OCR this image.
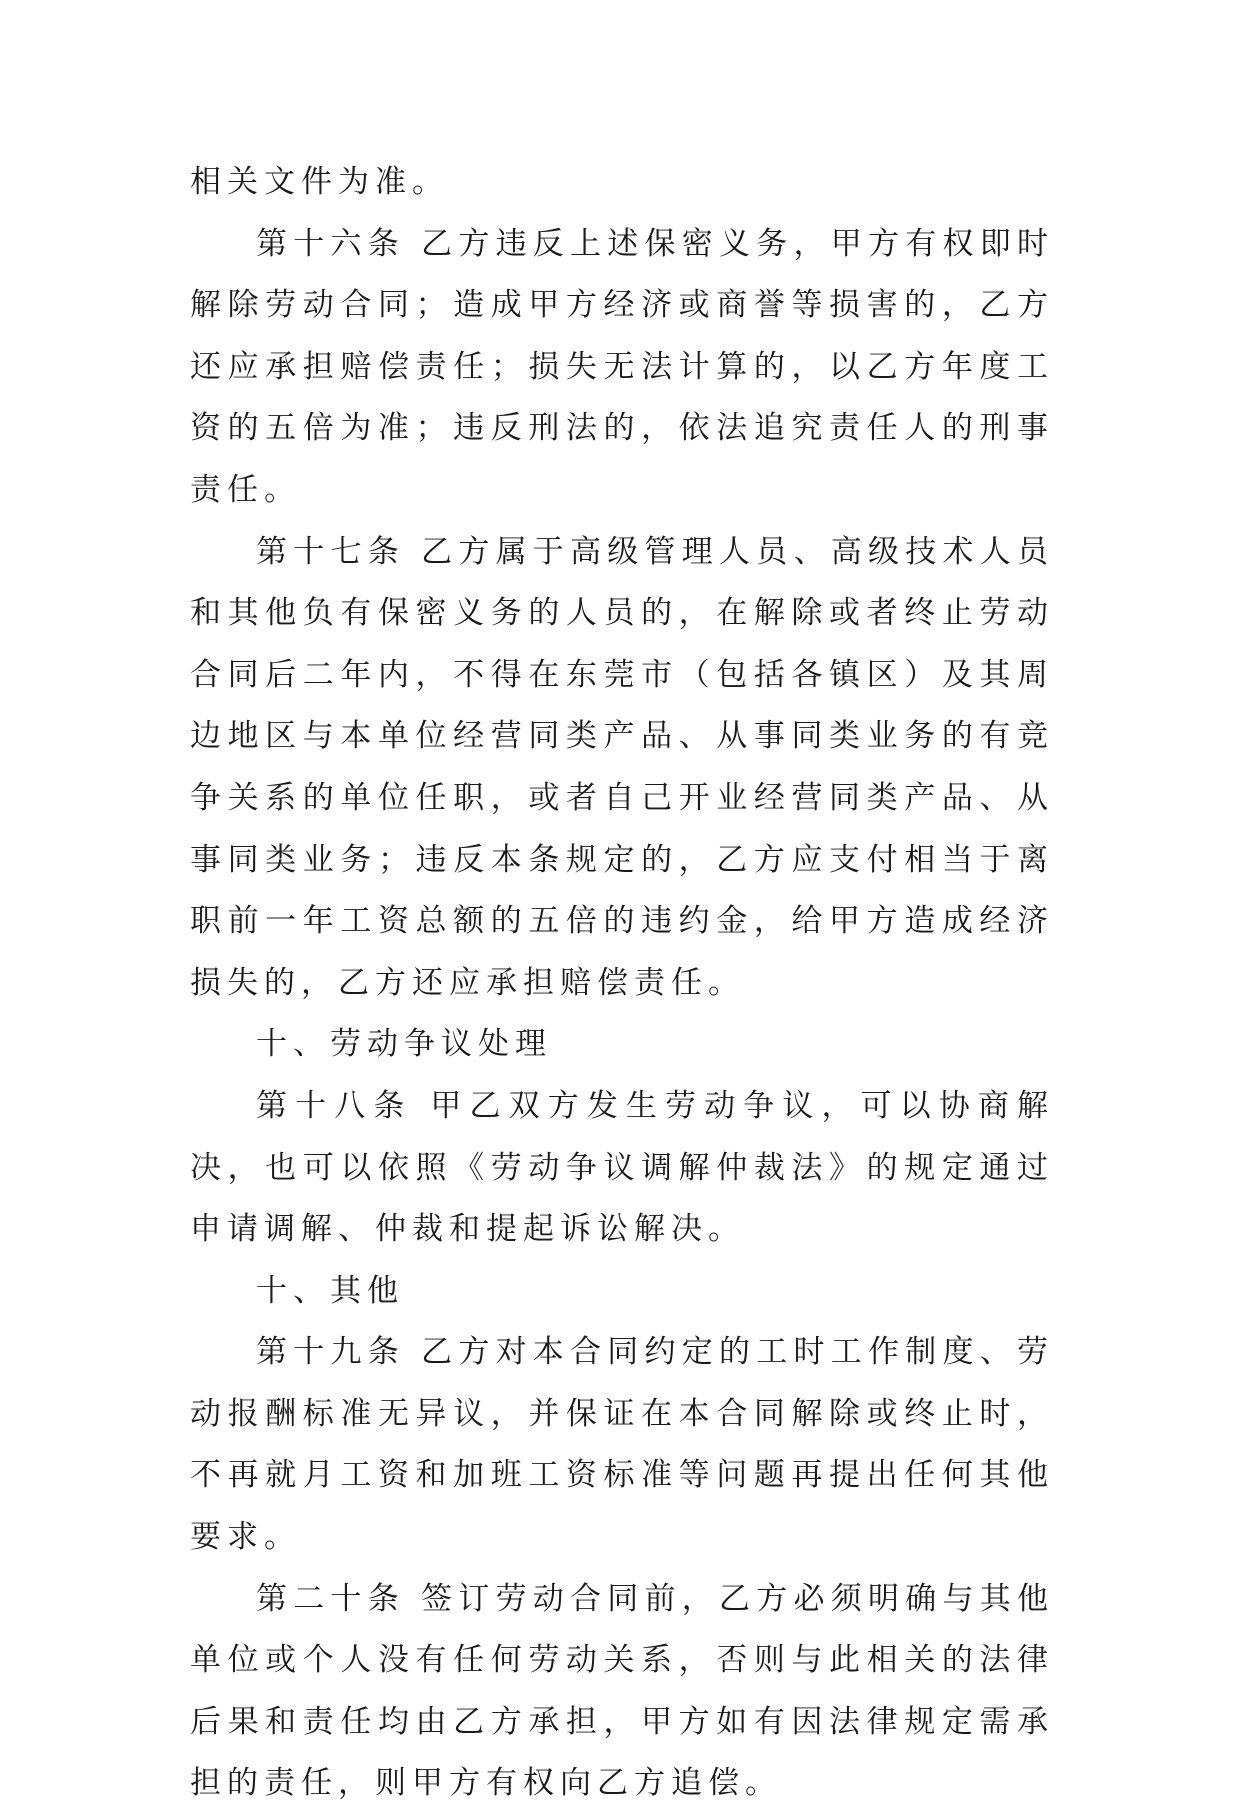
相关文件为准。

第十六条 乙方违反上述保密义务，甲方有权即时解除劳动合同；造成甲方经济或商誉等损害的，乙方还应承担赔偿责任；损失无法计算的，以乙方年度工资的五倍为准；违反刑法的，依法追究责任人的刑事责任。

第十七条 乙方属于高级管理人员、高级技术人员和其他负有保密义务的人员的，在解除或者终止劳动合同后二年内，不得在东莞市（包括各镇区）及其周边地区与本单位经营同类产品、从事同类业务的有竞争关系的单位任职，或者自己开业经营同类产品、从事同类业务；违反本条规定的，乙方应支付相当于离职前一年工资总额的五倍的违约金，给甲方造成经济损失的，乙方还应承担赔偿责任。

十、劳动争议处理

第十八条 甲乙双方发生劳动争议，可以协商解决，也可以依照《劳动争议调解仲裁法》的规定通过申请调解、仲裁和提起诉讼解决。

十、其他

第十九条 乙方对本合同约定的工时工作制度、劳动报酬标准无异议，并保证在本合同解除或终止时，不再就月工资和加班工资标准等问题再提出任何其他要求。

第二十条 签订劳动合同前，乙方必须明确与其他单位或个人没有任何劳动关系，否则与此相关的法律后果和责任均由乙方承担，甲方如有因法律规定需承担的责任，则甲方有权向乙方追偿。
